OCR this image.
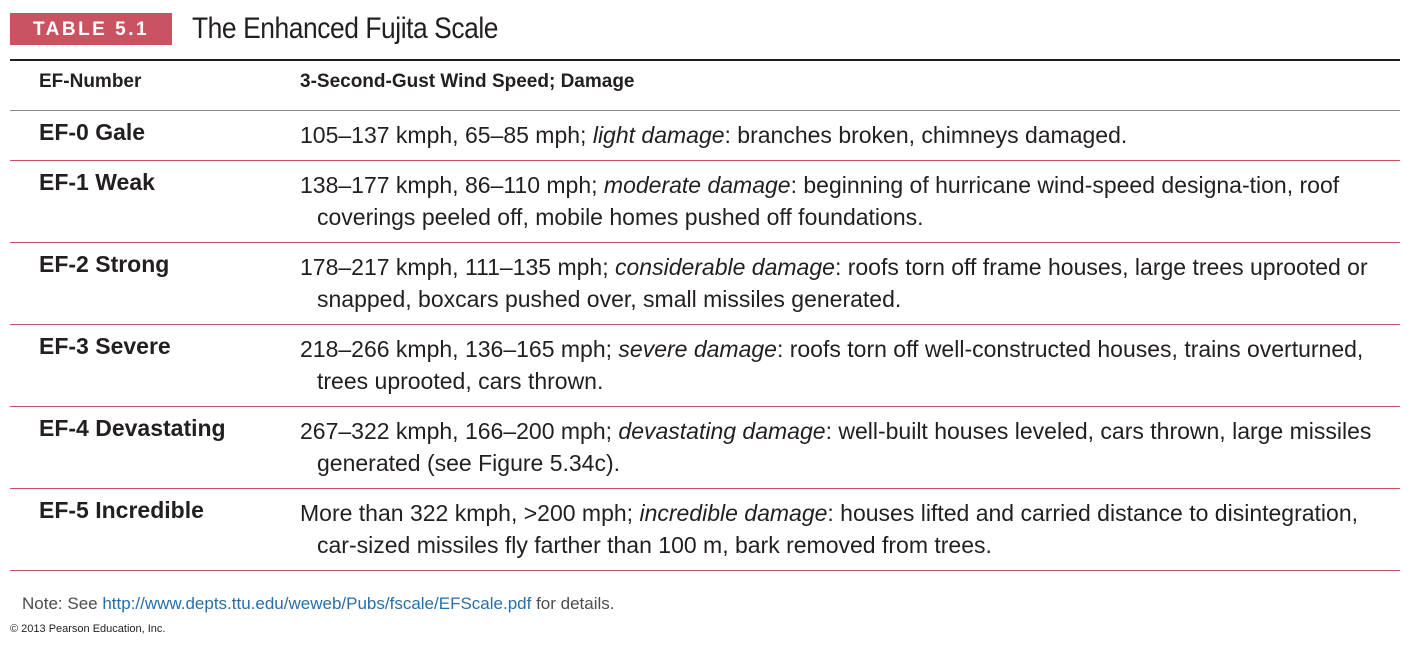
TABLE 5.1	The Enhanced Fujita Scale
EF-Number	3-Second-Gust Wind Speed; Damage
EF-0 Gale	105–137 kmph, 65–85 mph; light damage: branches broken, chimneys damaged.
EF-1 Weak	138–177 kmph, 86–110 mph; moderate damage: beginning of hurricane wind-speed designa-tion, roof coverings peeled off, mobile homes pushed off foundations.
EF-2 Strong	178–217 kmph, 111–135 mph; considerable damage: roofs torn off frame houses, large trees uprooted or snapped, boxcars pushed over, small missiles generated.
EF-3 Severe	218–266 kmph, 136–165 mph; severe damage: roofs torn off well-constructed houses, trains overturned, trees uprooted, cars thrown.
EF-4 Devastating	267–322 kmph, 166–200 mph; devastating damage: well-built houses leveled, cars thrown, large missiles generated (see Figure 5.34c).
EF-5 Incredible	More than 322 kmph, >200 mph; incredible damage: houses lifted and carried distance to disintegration, car-sized missiles fly farther than 100 m, bark removed from trees.
Note: See http://www.depts.ttu.edu/weweb/Pubs/fscale/EFScale.pdf for details.
© 2013 Pearson Education, Inc.
